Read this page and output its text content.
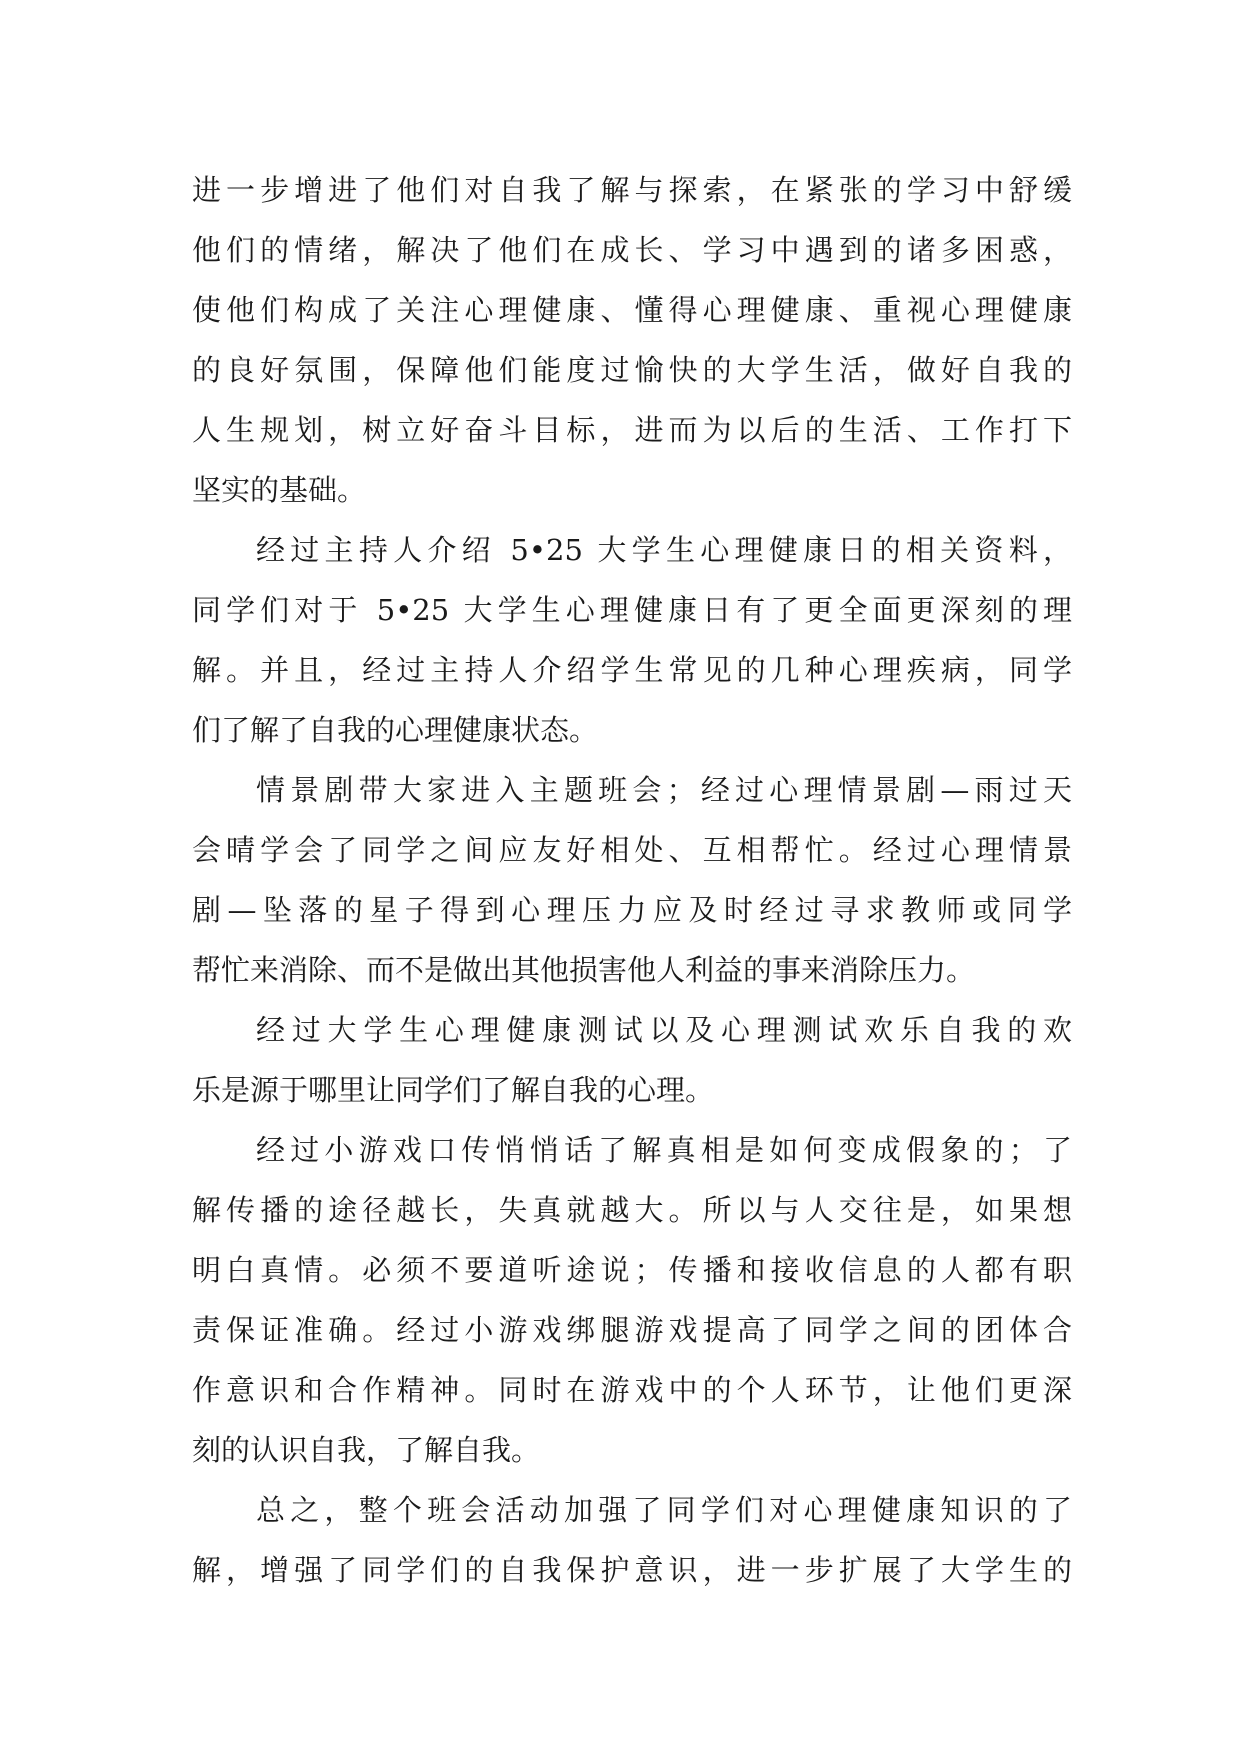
进一步增进了他们对自我了解与探索，在紧张的学习中舒缓
他们的情绪，解决了他们在成长、学习中遇到的诸多困惑，
使他们构成了关注心理健康、懂得心理健康、重视心理健康
的良好氛围，保障他们能度过愉快的大学生活，做好自我的
人生规划，树立好奋斗目标，进而为以后的生活、工作打下
坚实的基础。
经过主持人介绍 5•25 大学生心理健康日的相关资料，
同学们对于 5•25 大学生心理健康日有了更全面更深刻的理
解。并且，经过主持人介绍学生常见的几种心理疾病，同学
们了解了自我的心理健康状态。
情景剧带大家进入主题班会；经过心理情景剧—雨过天
会晴学会了同学之间应友好相处、互相帮忙。经过心理情景
剧—坠落的星子得到心理压力应及时经过寻求教师或同学
帮忙来消除、而不是做出其他损害他人利益的事来消除压力。
经过大学生心理健康测试以及心理测试欢乐自我的欢
乐是源于哪里让同学们了解自我的心理。
经过小游戏口传悄悄话了解真相是如何变成假象的；了
解传播的途径越长，失真就越大。所以与人交往是，如果想
明白真情。必须不要道听途说；传播和接收信息的人都有职
责保证准确。经过小游戏绑腿游戏提高了同学之间的团体合
作意识和合作精神。同时在游戏中的个人环节，让他们更深
刻的认识自我，了解自我。
总之，整个班会活动加强了同学们对心理健康知识的了
解，增强了同学们的自我保护意识，进一步扩展了大学生的
